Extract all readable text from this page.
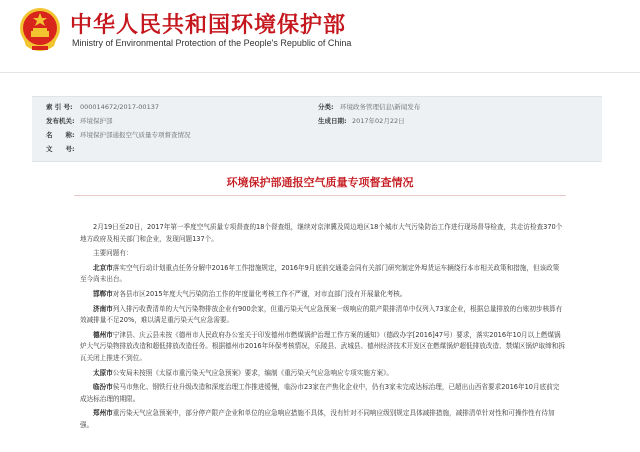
中华人民共和国环境保护部
Ministry of Environmental Protection of the People's Republic of China
索 引 号: 000014672/2017-00137	分类: 环境政务管理信息\新闻发布
发布机关: 环境保护部	生成日期: 2017年02月22日
名　　称: 环境保护部通报空气质量专项督查情况
文　　号:
环境保护部通报空气质量专项督查情况

2月19日至20日，2017年第一季度空气质量专项督查的18个督查组，继续对京津冀及周边地区18个城市大气污染防治工作进行现场督导检查，共走访检查370个地方政府及相关部门和企业，发现问题137个。

主要问题有：

北京市落实空气行动计划重点任务分解中2016年工作措施规定，2016年9月底前交通委会同有关部门研究制定外埠货运车辆绕行本市相关政策和措施，但该政策至今尚未出台。

邯郸市对各县市区2015年度大气污染防治工作的年度量化考核工作不严谨，对市直部门没有开展量化考核。

济南市列入排污收费清单的大气污染物排放企业有900余家，但重污染天气应急预案一级响应的限产限排清单中仅列入73家企业，根据总量排放的台账初步核算有效减排量不足20%，难以满足重污染天气应急需要。

德州市宁津县、庆云县未按《德州市人民政府办公室关于印发德州市燃煤锅炉治理工作方案的通知》（德政办字[2016]47号）要求，落实2016年10月以上燃煤锅炉大气污染物排放改造和超低排放改造任务。根据德州市2016年环保考核情况，乐陵县、武城县、德州经济技术开发区在燃煤锅炉超低排放改造、禁煤区锅炉取缔和拆瓦关闭上推进不到位。

太原市公安局未按照《太原市重污染天气应急预案》要求，编制《重污染天气应急响应专项实施方案》。

临汾市侯马市焦化、钢铁行业升级改造和深度治理工作推进缓慢，临汾市23家在产焦化企业中，仍有3家未完成达标治理，已超出山西省要求2016年10月底前完成达标治理的期限。

郑州市重污染天气应急预案中，部分停产限产企业和单位的应急响应措施不具体，没有针对不同响应级别规定具体减排措施，减排清单针对性和可操作性有待加强。
